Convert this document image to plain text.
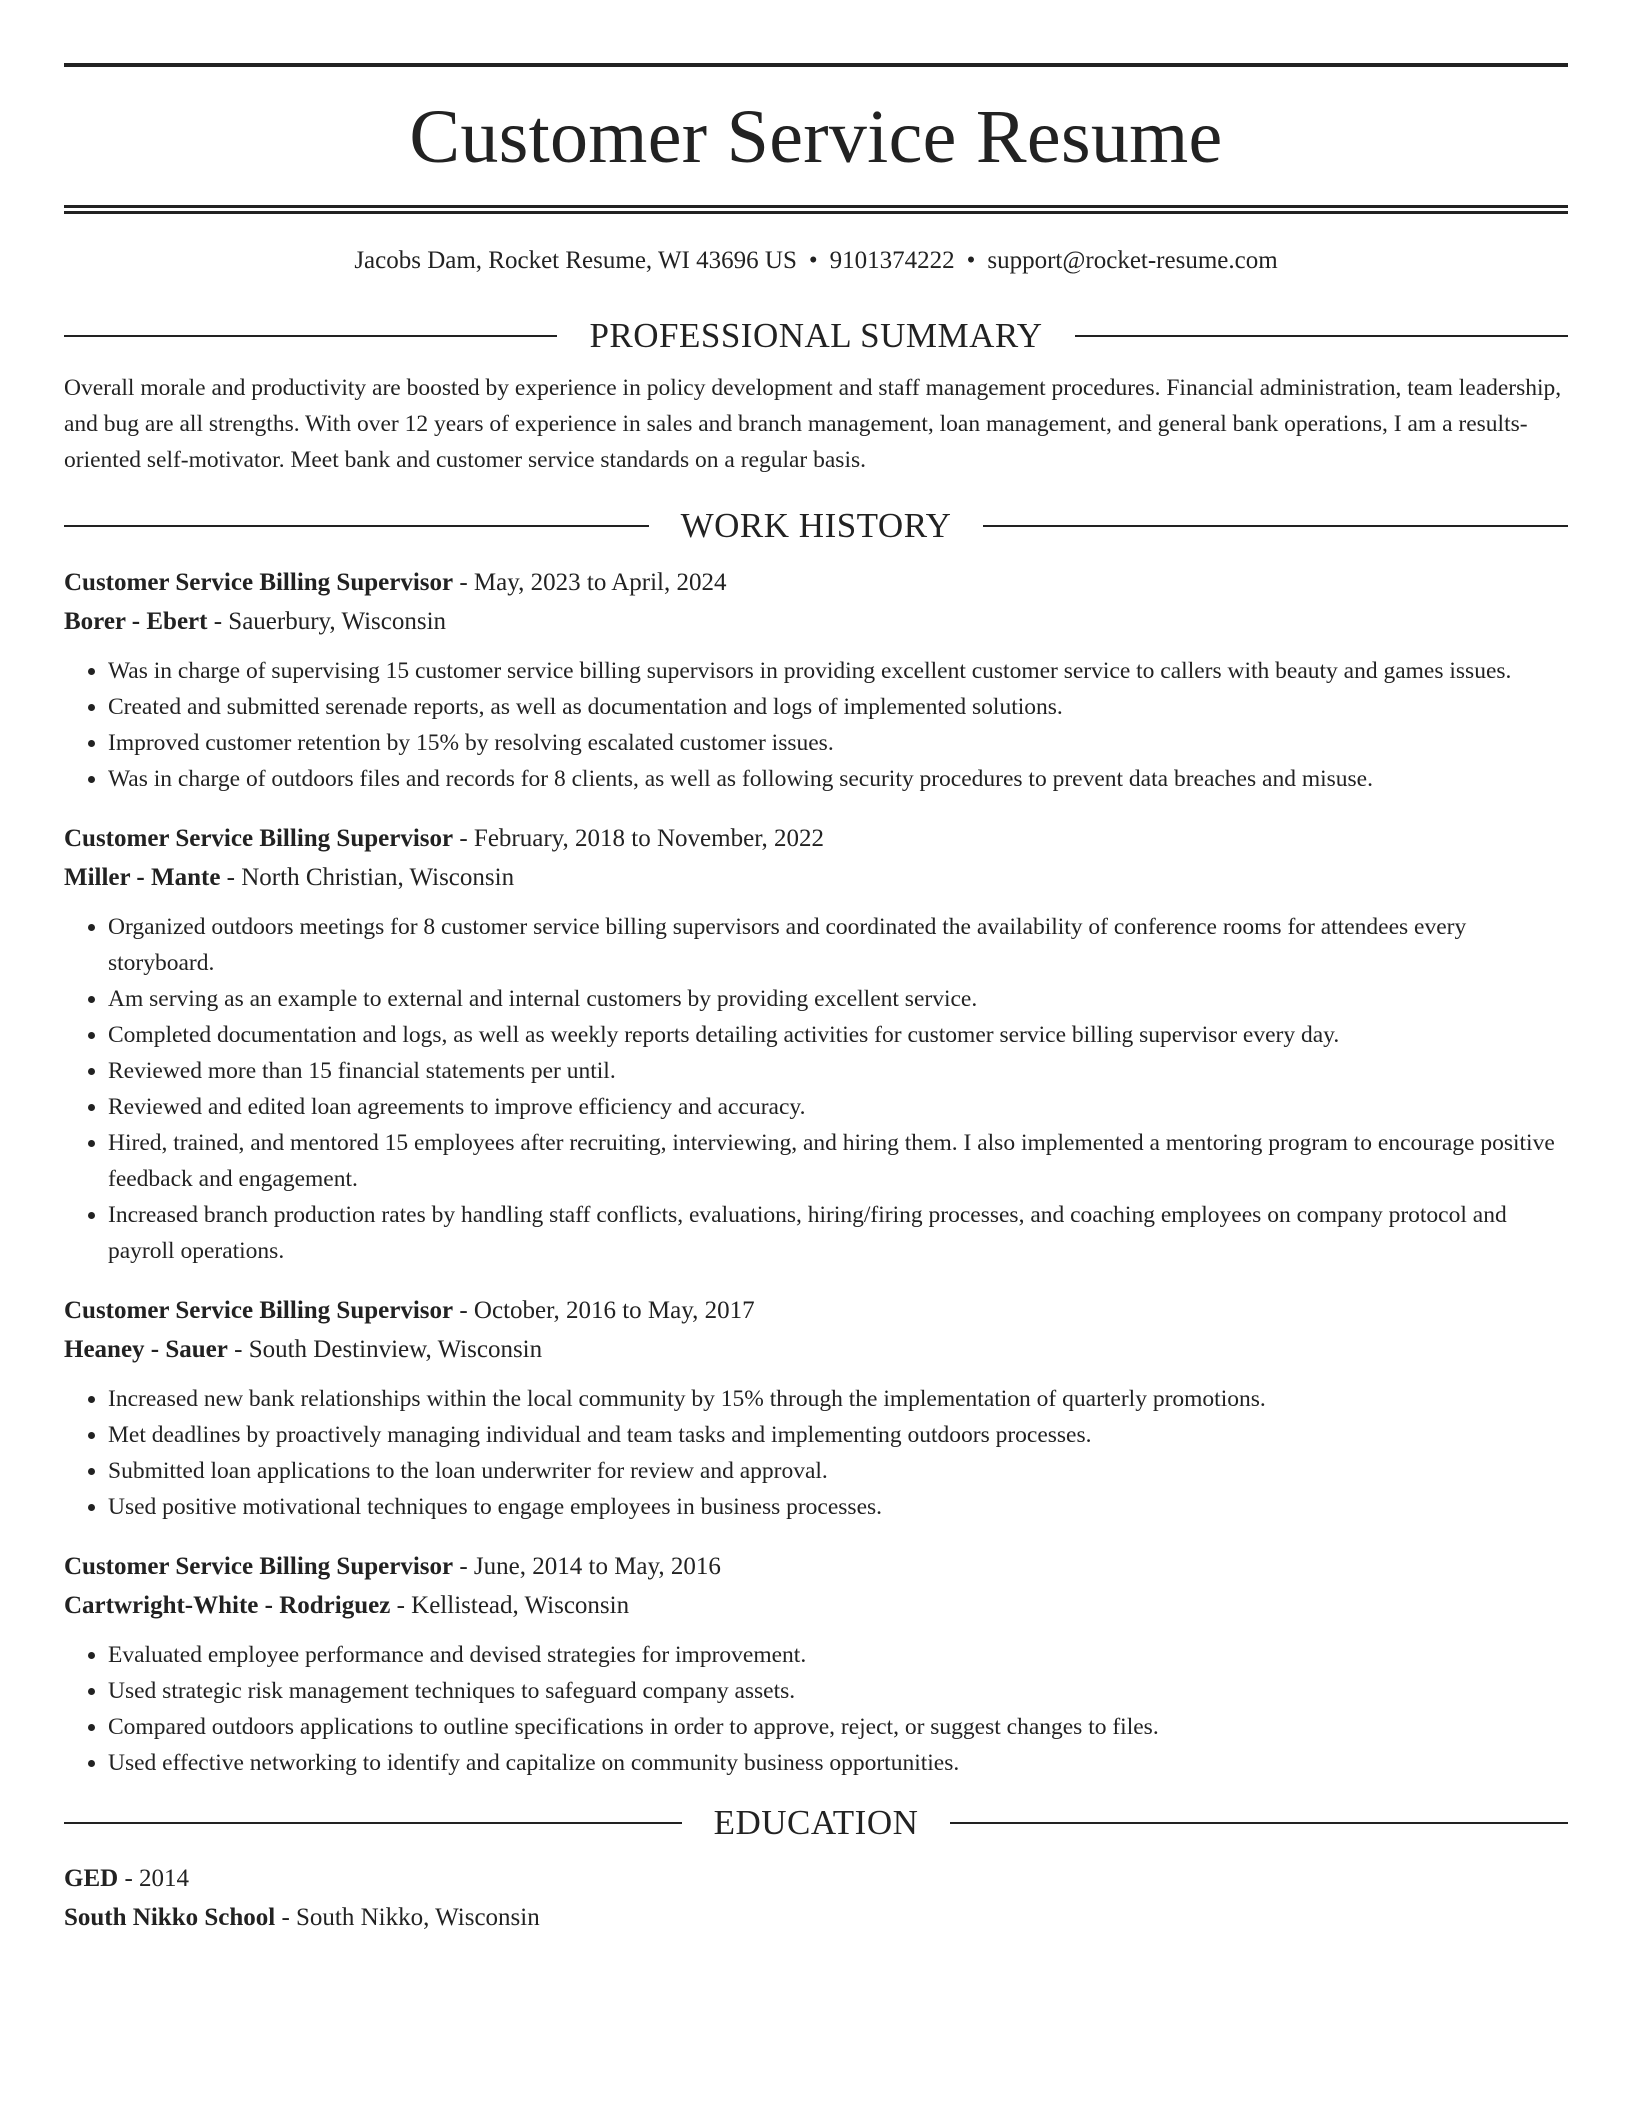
Customer Service Resume
Jacobs Dam, Rocket Resume, WI 43696 US • 9101374222 • support@rocket-resume.com
PROFESSIONAL SUMMARY
Overall morale and productivity are boosted by experience in policy development and staff management procedures. Financial administration, team leadership, and bug are all strengths. With over 12 years of experience in sales and branch management, loan management, and general bank operations, I am a results-oriented self-motivator. Meet bank and customer service standards on a regular basis.
WORK HISTORY
Customer Service Billing Supervisor - May, 2023 to April, 2024
Borer - Ebert - Sauerbury, Wisconsin
• Was in charge of supervising 15 customer service billing supervisors in providing excellent customer service to callers with beauty and games issues.
• Created and submitted serenade reports, as well as documentation and logs of implemented solutions.
• Improved customer retention by 15% by resolving escalated customer issues.
• Was in charge of outdoors files and records for 8 clients, as well as following security procedures to prevent data breaches and misuse.
Customer Service Billing Supervisor - February, 2018 to November, 2022
Miller - Mante - North Christian, Wisconsin
• Organized outdoors meetings for 8 customer service billing supervisors and coordinated the availability of conference rooms for attendees every storyboard.
• Am serving as an example to external and internal customers by providing excellent service.
• Completed documentation and logs, as well as weekly reports detailing activities for customer service billing supervisor every day.
• Reviewed more than 15 financial statements per until.
• Reviewed and edited loan agreements to improve efficiency and accuracy.
• Hired, trained, and mentored 15 employees after recruiting, interviewing, and hiring them. I also implemented a mentoring program to encourage positive feedback and engagement.
• Increased branch production rates by handling staff conflicts, evaluations, hiring/firing processes, and coaching employees on company protocol and payroll operations.
Customer Service Billing Supervisor - October, 2016 to May, 2017
Heaney - Sauer - South Destinview, Wisconsin
• Increased new bank relationships within the local community by 15% through the implementation of quarterly promotions.
• Met deadlines by proactively managing individual and team tasks and implementing outdoors processes.
• Submitted loan applications to the loan underwriter for review and approval.
• Used positive motivational techniques to engage employees in business processes.
Customer Service Billing Supervisor - June, 2014 to May, 2016
Cartwright-White - Rodriguez - Kellistead, Wisconsin
• Evaluated employee performance and devised strategies for improvement.
• Used strategic risk management techniques to safeguard company assets.
• Compared outdoors applications to outline specifications in order to approve, reject, or suggest changes to files.
• Used effective networking to identify and capitalize on community business opportunities.
EDUCATION
GED - 2014
South Nikko School - South Nikko, Wisconsin
